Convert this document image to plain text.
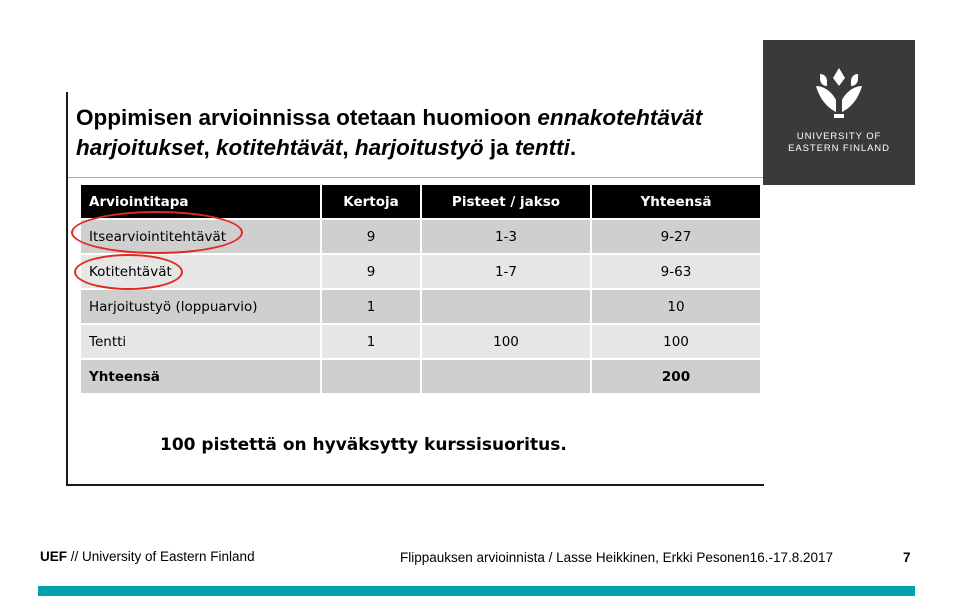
Oppimisen arvioinnissa otetaan huomioon ennakotehtävät harjoitukset, kotitehtävät, harjoitustyö ja tentti.	UNIVERSITY OF
EASTERN FINLAND
Arviointitapa	Kertoja	Pisteet / jakso	Yhteensä
Itsearviointitehtävät	9	1-3	9-27
Kotitehtävät	9	1-7	9-63
Harjoitustyö (loppuarvio)	1		10
Tentti	1	100	100
Yhteensä			200
100 pistettä on hyväksytty kurssisuoritus.
UEF // University of Eastern Finland	Flippauksen arvioinnista / Lasse Heikkinen, Erkki Pesonen16.-17.8.2017	7
